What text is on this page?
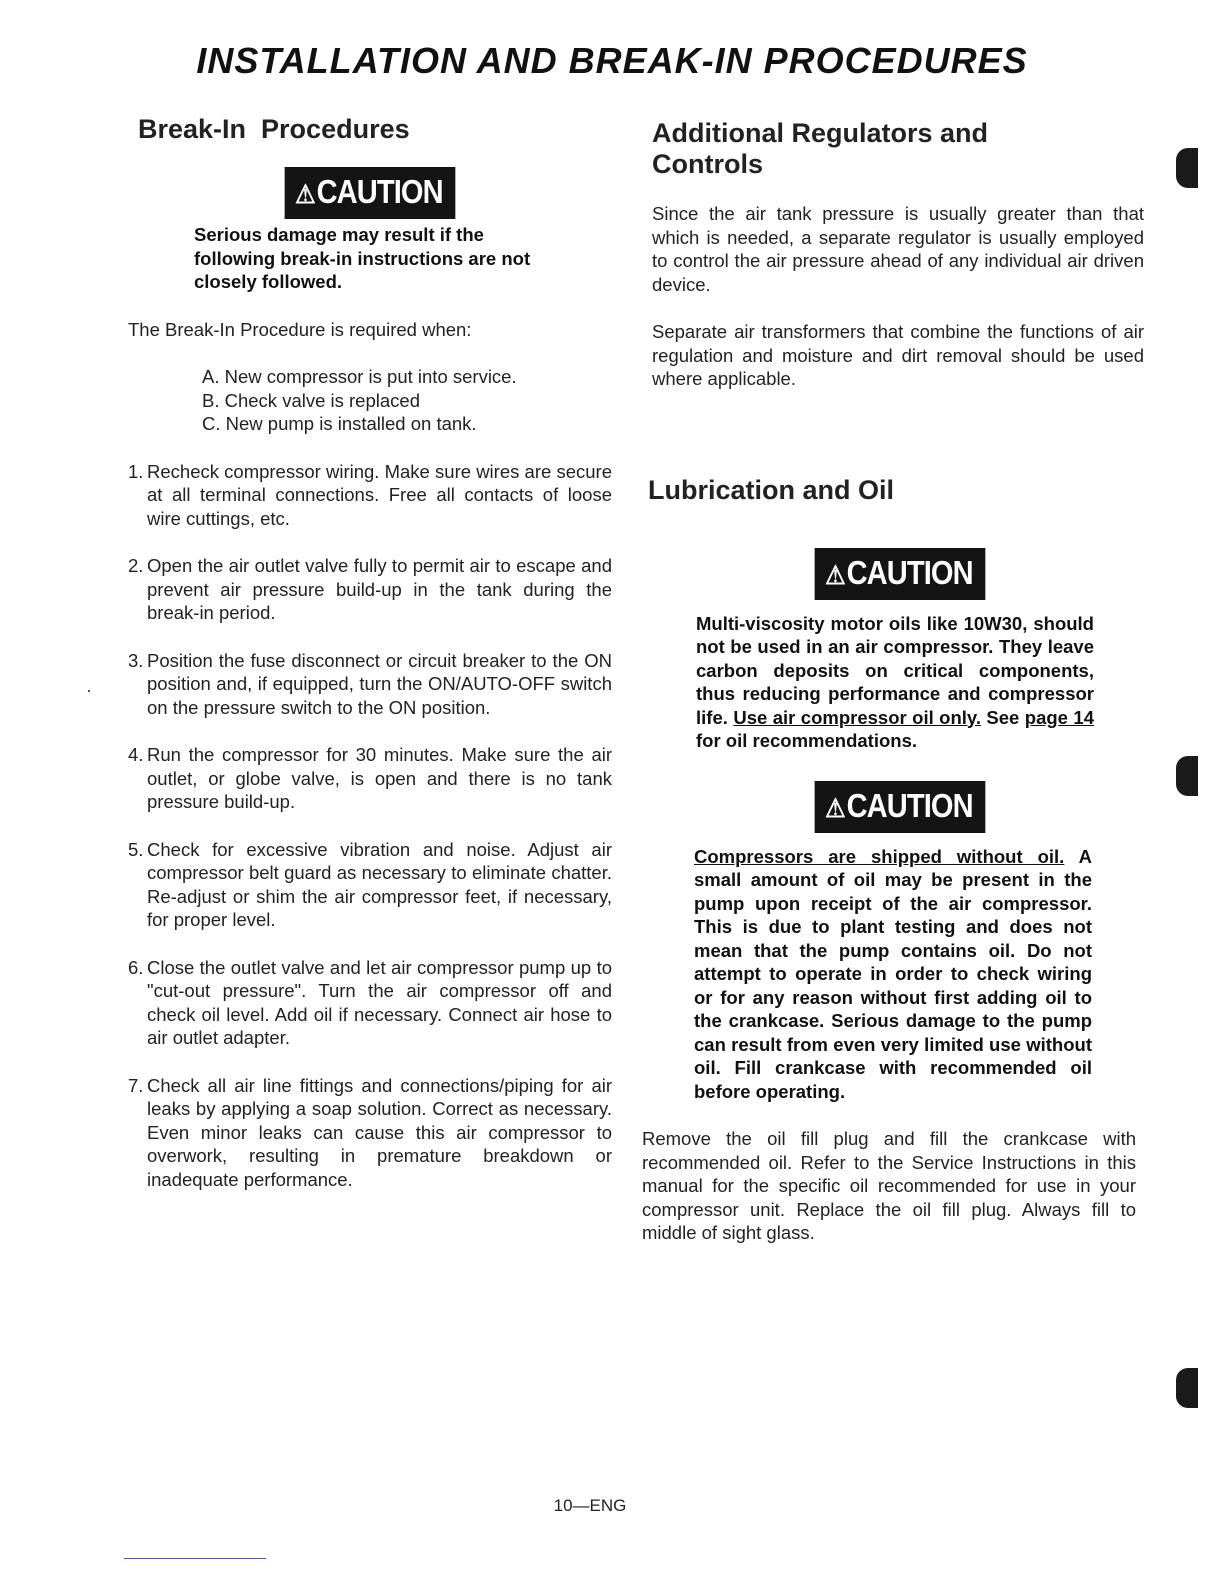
INSTALLATION AND BREAK-IN PROCEDURES
Break-In  Procedures
⚠CAUTION
Serious damage may result if the following break-in instructions are not closely followed.

The Break-In Procedure is required when:

A. New compressor is put into service.
B. Check valve is replaced
C. New pump is installed on tank.
1. Recheck compressor wiring. Make sure wires are secure at all terminal connections. Free all contacts of loose wire cuttings, etc.
2. Open the air outlet valve fully to permit air to escape and prevent air pressure build-up in the tank during the break-in period.
3. Position the fuse disconnect or circuit breaker to the ON position and, if equipped, turn the ON/AUTO-OFF switch on the pressure switch to the ON position.
4. Run the compressor for 30 minutes. Make sure the air outlet, or globe valve, is open and there is no tank pressure build-up.
5. Check for excessive vibration and noise. Adjust air compressor belt guard as necessary to eliminate chatter. Re-adjust or shim the air compressor feet, if necessary, for proper level.
6. Close the outlet valve and let air compressor pump up to "cut-out pressure". Turn the air compressor off and check oil level. Add oil if necessary. Connect air hose to air outlet adapter.
7. Check all air line fittings and connections/piping for air leaks by applying a soap solution. Correct as necessary. Even minor leaks can cause this air compressor to overwork, resulting in premature breakdown or inadequate performance.
Additional Regulators and Controls

Since the air tank pressure is usually greater than that which is needed, a separate regulator is usually employed to control the air pressure ahead of any individual air driven device.

Separate air transformers that combine the functions of air regulation and moisture and dirt removal should be used where applicable.

Lubrication and Oil
⚠CAUTION
Multi-viscosity motor oils like 10W30, should not be used in an air compressor. They leave carbon deposits on critical components, thus reducing performance and compressor life. Use air compressor oil only. See page 14 for oil recommendations.
⚠CAUTION
Compressors are shipped without oil. A small amount of oil may be present in the pump upon receipt of the air compressor. This is due to plant testing and does not mean that the pump contains oil. Do not attempt to operate in order to check wiring or for any reason without first adding oil to the crankcase. Serious damage to the pump can result from even very limited use without oil. Fill crankcase with recommended oil before operating.

Remove the oil fill plug and fill the crankcase with recommended oil. Refer to the Service Instructions in this manual for the specific oil recommended for use in your compressor unit. Replace the oil fill plug. Always fill to middle of sight glass.

10—ENG
